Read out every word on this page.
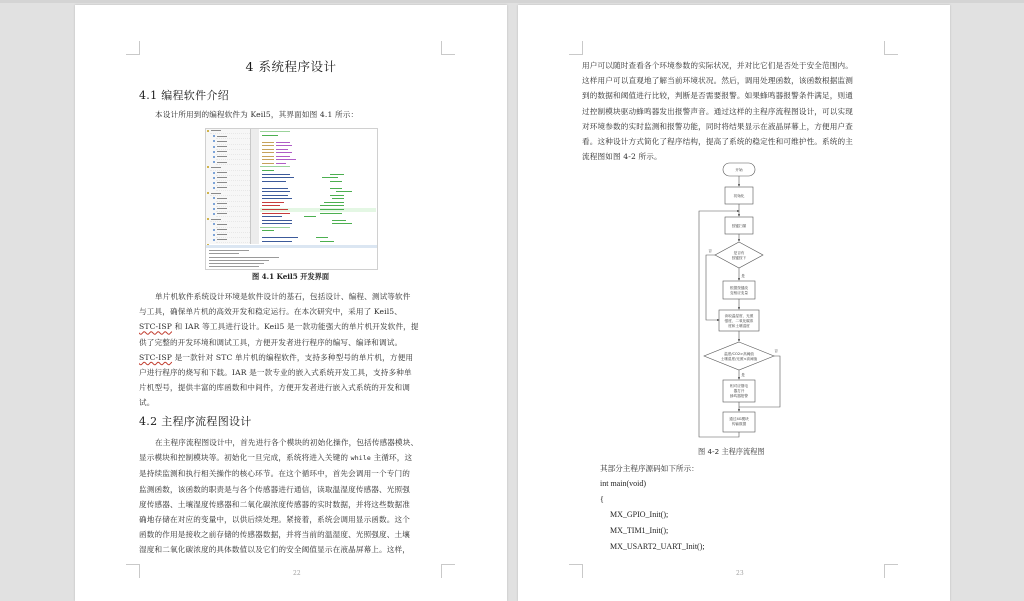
4 系统程序设计
4.1 编程软件介绍
本设计所用到的编程软件为 Keil5，其界面如图 4.1 所示：
图 4.1 Keil5 开发界面
单片机软件系统设计环境是软件设计的基石，包括设计、编程、测试等软件
与工具，确保单片机的高效开发和稳定运行。在本次研究中，采用了 Keil5、
STC-ISP 和 IAR 等工具进行设计。Keil5 是一款功能强大的单片机开发软件，提
供了完整的开发环境和调试工具，方便开发者进行程序的编写、编译和调试。
STC-ISP 是一款针对 STC 单片机的编程软件，支持多种型号的单片机，方便用
户进行程序的烧写和下载。IAR 是一款专业的嵌入式系统开发工具，支持多种单
片机型号，提供丰富的库函数和中间件，方便开发者进行嵌入式系统的开发和调
试。
4.2 主程序流程图设计
在主程序流程图设计中，首先进行各个模块的初始化操作，包括传感器模块、
显示模块和控制模块等。初始化一旦完成，系统将进入关键的 while 主循环，这
是持续监测和执行相关操作的核心环节。在这个循环中，首先会调用一个专门的
监测函数，该函数的职责是与各个传感器进行通信，读取温湿度传感器、光照强
度传感器、土壤湿度传感器和二氧化碳浓度传感器的实时数据，并将这些数据准
确地存储在对应的变量中，以供后续处理。紧接着，系统会调用显示函数。这个
函数的作用是接收之前存储的传感器数据，并将当前的温湿度、光照强度、土壤
湿度和二氧化碳浓度的具体数值以及它们的安全阈值显示在液晶屏幕上。这样，
22
用户可以随时查看各个环境参数的实际状况，并对比它们是否处于安全范围内。
这样用户可以直观地了解当前环境状况。然后，调用处理函数，该函数根据监测
到的数据和阈值进行比较，判断是否需要报警。如果蜂鸣器报警条件满足，则通
过控制模块驱动蜂鸣器发出报警声音。通过这样的主程序流程图设计，可以实现
对环境参数的实时监测和报警功能，同时将结果显示在液晶屏幕上，方便用户查
看。这种设计方式简化了程序结构，提高了系统的稳定性和可维护性。系统的主
流程图如图 4-2 所示。
开始
初始化
按键扫描
是否有
按键按下
根据按键改
变相应变量
读取温湿度、光照
强度、二氧化碳浓
度和土壤湿度
温度/CO2>高阈值
土壤湿度/光照<高阈值
相对应继电
器打开
蜂鸣器报警
通过4G模块
传输数据
否
是
否
是
图 4-2 主程序流程图
其部分主程序源码如下所示：
int main(void)
{
MX_GPIO_Init();
MX_TIM1_Init();
MX_USART2_UART_Init();
23
